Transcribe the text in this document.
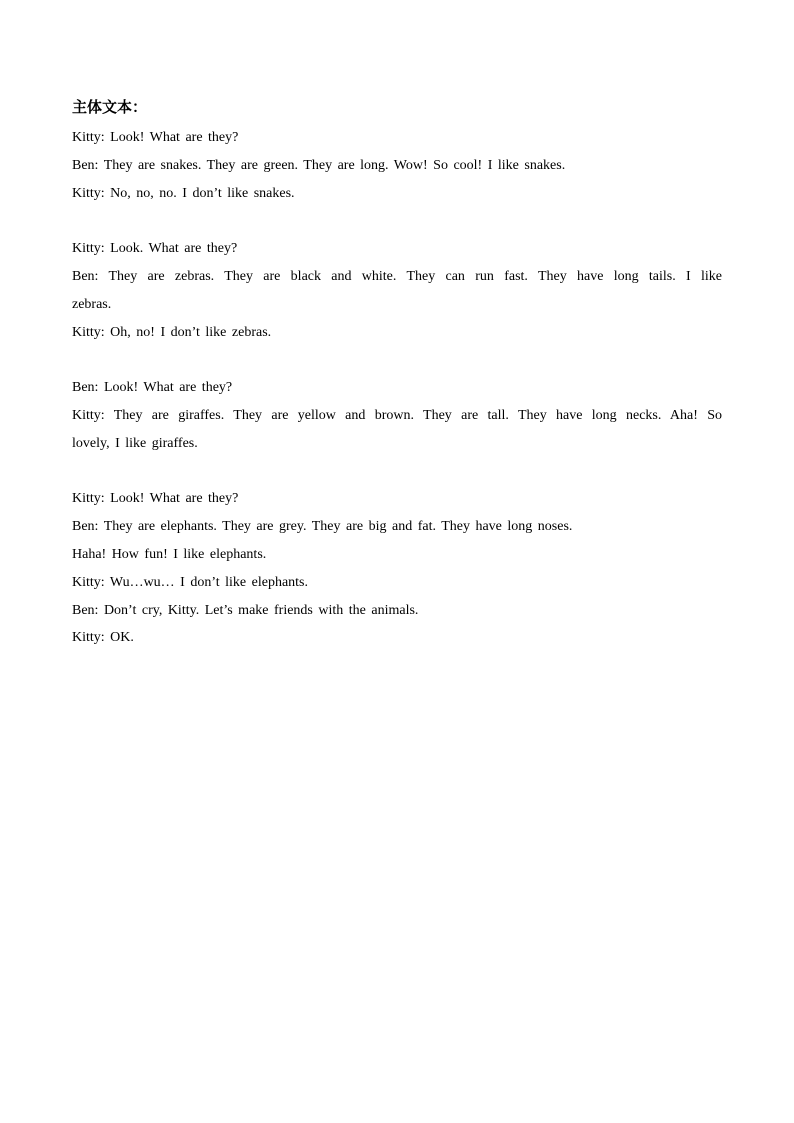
主体文本：
Kitty: Look! What are they?
Ben: They are snakes. They are green. They are long. Wow! So cool! I like snakes.
Kitty: No, no, no. I don’t like snakes.
Kitty: Look. What are they?
Ben: They are zebras. They are black and white. They can run fast. They have long tails. I like
zebras.
Kitty: Oh, no! I don’t like zebras.
Ben: Look! What are they?
Kitty: They are giraffes. They are yellow and brown. They are tall. They have long necks. Aha! So
lovely, I like giraffes.
Kitty: Look! What are they?
Ben: They are elephants. They are grey. They are big and fat. They have long noses.
Haha! How fun! I like elephants.
Kitty: Wu…wu… I don’t like elephants.
Ben: Don’t cry, Kitty. Let’s make friends with the animals.
Kitty: OK.
